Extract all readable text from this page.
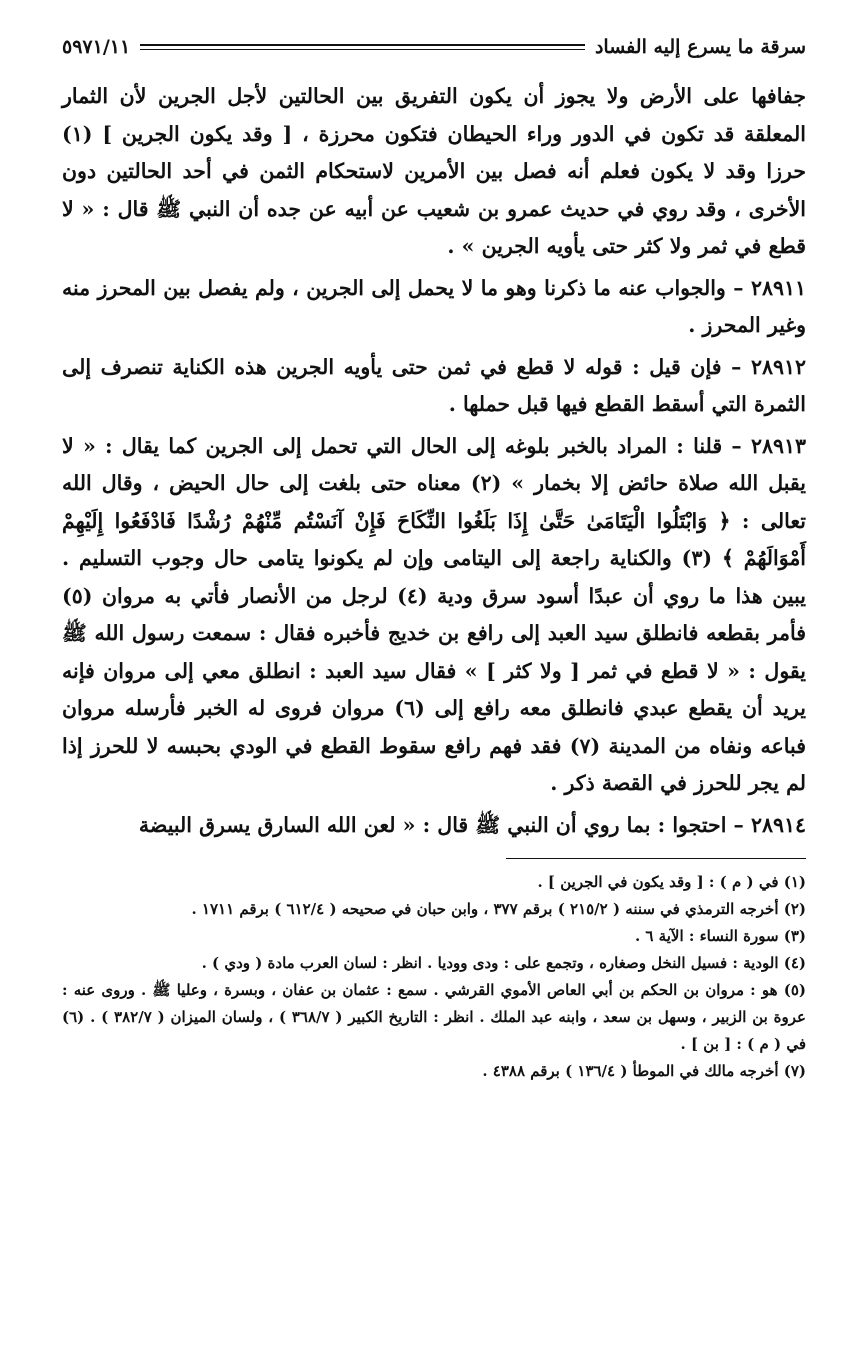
سرقة ما يسرع إليه الفساد
٥٩٧١/١١

جفافها على الأرض ولا يجوز أن يكون التفريق بين الحالتين لأجل الجرين لأن الثمار المعلقة قد تكون في الدور وراء الحيطان فتكون محرزة ، [ وقد يكون الجرين ] (١) حرزا وقد لا يكون فعلم أنه فصل بين الأمرين لاستحكام الثمن في أحد الحالتين دون الأخرى ، وقد روي في حديث عمرو بن شعيب عن أبيه عن جده أن النبي ﷺ قال : « لا قطع في ثمر ولا كثر حتى يأويه الجرين » .

٢٨٩١١ – والجواب عنه ما ذكرنا وهو ما لا يحمل إلى الجرين ، ولم يفصل بين المحرز منه وغير المحرز .

٢٨٩١٢ – فإن قيل : قوله لا قطع في ثمن حتى يأويه الجرين هذه الكناية تنصرف إلى الثمرة التي أسقط القطع فيها قبل حملها .

٢٨٩١٣ – قلنا : المراد بالخبر بلوغه إلى الحال التي تحمل إلى الجرين كما يقال : « لا يقبل الله صلاة حائض إلا بخمار » (٢) معناه حتى بلغت إلى حال الحيض ، وقال الله تعالى : ﴿ وَابْتَلُوا الْيَتَامَىٰ حَتَّىٰ إِذَا بَلَغُوا النِّكَاحَ فَإِنْ آنَسْتُم مِّنْهُمْ رُشْدًا فَادْفَعُوا إِلَيْهِمْ أَمْوَالَهُمْ ﴾ (٣) والكناية راجعة إلى اليتامى وإن لم يكونوا يتامى حال وجوب التسليم . يبين هذا ما روي أن عبدًا أسود سرق ودية (٤) لرجل من الأنصار فأتي به مروان (٥) فأمر بقطعه فانطلق سيد العبد إلى رافع بن خديج فأخبره فقال : سمعت رسول الله ﷺ يقول : « لا قطع في ثمر [ ولا كثر ] » فقال سيد العبد : انطلق معي إلى مروان فإنه يريد أن يقطع عبدي فانطلق معه رافع إلى (٦) مروان فروى له الخبر فأرسله مروان فباعه ونفاه من المدينة (٧) فقد فهم رافع سقوط القطع في الودي بحبسه لا للحرز إذا لم يجر للحرز في القصة ذكر .

٢٨٩١٤ – احتجوا : بما روي أن النبي ﷺ قال : « لعن الله السارق يسرق البيضة

(١) في ( م ) : [ وقد يكون في الجرين ] .

(٢) أخرجه الترمذي في سننه ( ٢١٥/٢ ) برقم ٣٧٧ ، وابن حبان في صحيحه ( ٦١٢/٤ ) برقم ١٧١١ .

(٣) سورة النساء : الآية ٦ .

(٤) الودية : فسيل النخل وصغاره ، وتجمع على : ودى ووديا . انظر : لسان العرب مادة ( ودي ) .

(٥) هو : مروان بن الحكم بن أبي العاص الأموي القرشي . سمع : عثمان بن عفان ، وبسرة ، وعليا ﷺ . وروى عنه : عروة بن الزبير ، وسهل بن سعد ، وابنه عبد الملك . انظر : التاريخ الكبير ( ٣٦٨/٧ ) ، ولسان الميزان ( ٣٨٢/٧ ) . (٦) في ( م ) : [ بن ] .

(٧) أخرجه مالك في الموطأ ( ١٣٦/٤ ) برقم ٤٣٨٨ .
